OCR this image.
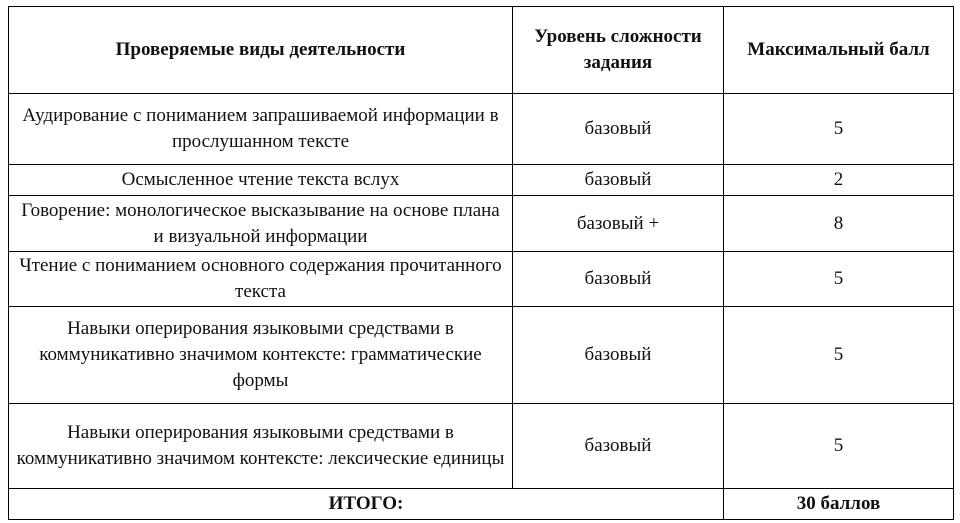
Проверяемые виды деятельности	Уровень сложности задания	Максимальный балл
Аудирование с пониманием запрашиваемой информации в прослушанном тексте	базовый	5
Осмысленное чтение текста вслух	базовый	2
Говорение: монологическое высказывание на основе плана и визуальной информации	базовый +	8
Чтение с пониманием основного содержания прочитанного текста	базовый	5
Навыки оперирования языковыми средствами в коммуникативно значимом контексте: грамматические формы	базовый	5
Навыки оперирования языковыми средствами в коммуникативно значимом контексте: лексические единицы	базовый	5
ИТОГО:		30 баллов
